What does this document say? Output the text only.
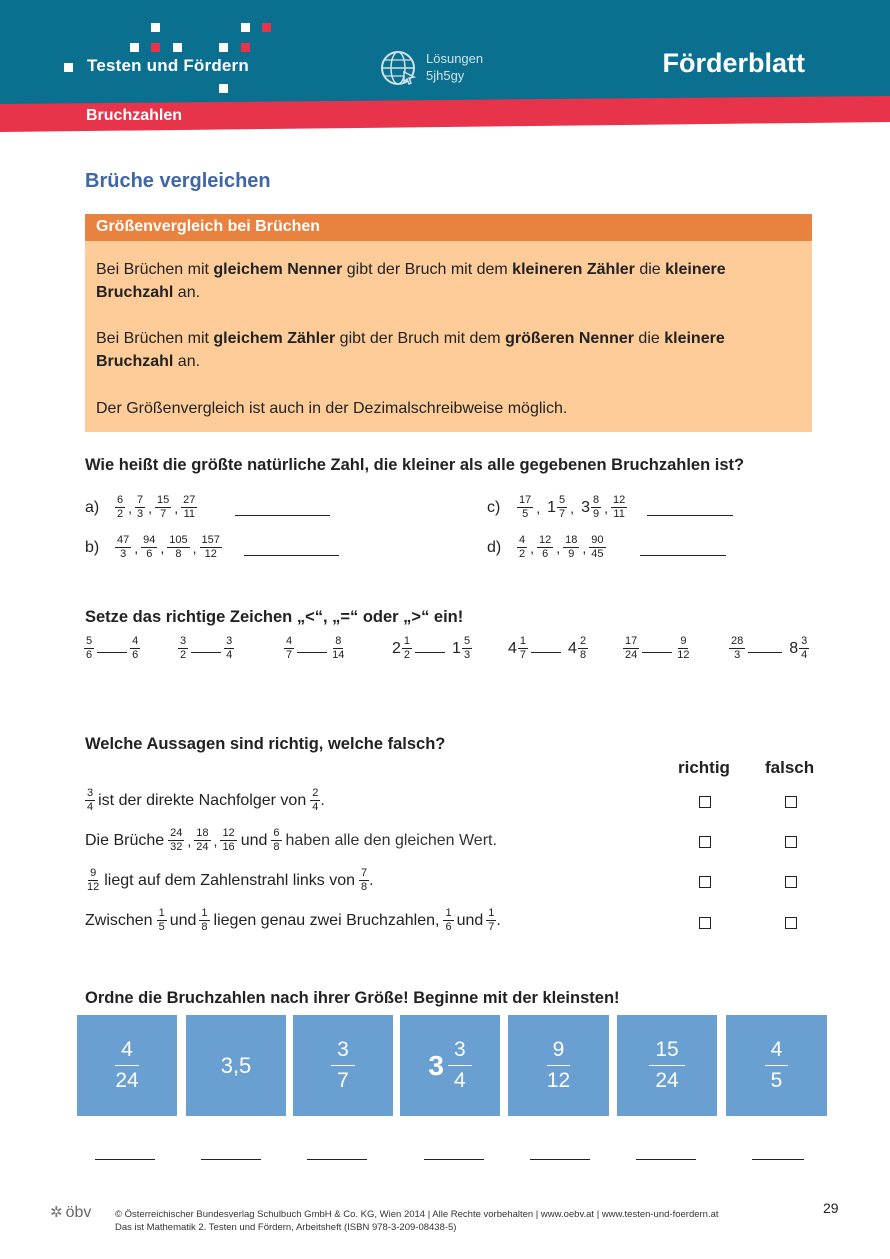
Testen und Fördern	Lösungen
5jh5gy	Förderblatt
Bruchzahlen
Brüche vergleichen
Größenvergleich bei Brüchen

Bei Brüchen mit gleichem Nenner gibt der Bruch mit dem kleineren Zähler die kleinere Bruchzahl an.

Bei Brüchen mit gleichem Zähler gibt der Bruch mit dem größeren Nenner die kleinere Bruchzahl an.

Der Größenvergleich ist auch in der Dezimalschreibweise möglich.

Wie heißt die größte natürliche Zahl, die kleiner als alle gegebenen Bruchzahlen ist?
a)	$\frac{6}{2}$ , $\frac{7}{3}$ , $\frac{15}{7}$ , $\frac{27}{11}$
b)	$\frac{47}{3}$ , $\frac{94}{6}$ , $\frac{105}{8}$ , $\frac{157}{12}$
c)	$\frac{17}{5}$ , $1 \frac{5}{7}$ , $3 \frac{8}{9}$ , $\frac{12}{11}$
d)	$\frac{4}{2}$ , $\frac{12}{6}$ , $\frac{18}{9}$ , $\frac{90}{45}$
Setze das richtige Zeichen „<“, „=“ oder „>“ ein!
$\frac{5}{6}$	$\frac{4}{6}$	$\frac{3}{2}$	$\frac{3}{4}$	$\frac{4}{7}$	$\frac{8}{14}$	$2 \frac{1}{2}$	$1 \frac{5}{3} 4 \frac{1}{7}$	$4 \frac{2}{8}$	$\frac{17}{24}$	$\frac{9}{12}$	$\frac{28}{3}$	$8 \frac{3}{4}$
Welche Aussagen sind richtig, welche falsch?
richtig falsch
$\frac{3}{4}$ ist der direkte Nachfolger von $\frac{2}{4}$ .
Die Brüche $\frac{24}{32}$ , $\frac{18}{24}$ , $\frac{12}{16}$ und $\frac{6}{8}$ haben alle den gleichen Wert.
$\frac{9}{12}$ liegt auf dem Zahlenstrahl links von $\frac{7}{8}$ .
Zwischen $\frac{1}{5}$ und $\frac{1}{8}$ liegen genau zwei Bruchzahlen, $\frac{1}{6}$ und $\frac{1}{7}$ .
Ordne die Bruchzahlen nach ihrer Größe! Beginne mit der kleinsten!
4
24
3,5
3
7	3 3
4
9
12
15
24
4
5
✲ öbv © Österreichischer Bundesverlag Schulbuch GmbH & Co. KG, Wien 2014 | Alle Rechte vorbehalten | www.oebv.at | www.testen-und-foerdern.at
Das ist Mathematik 2. Testen und Fördern, Arbeitsheft (ISBN 978-3-209-08438-5)
29
